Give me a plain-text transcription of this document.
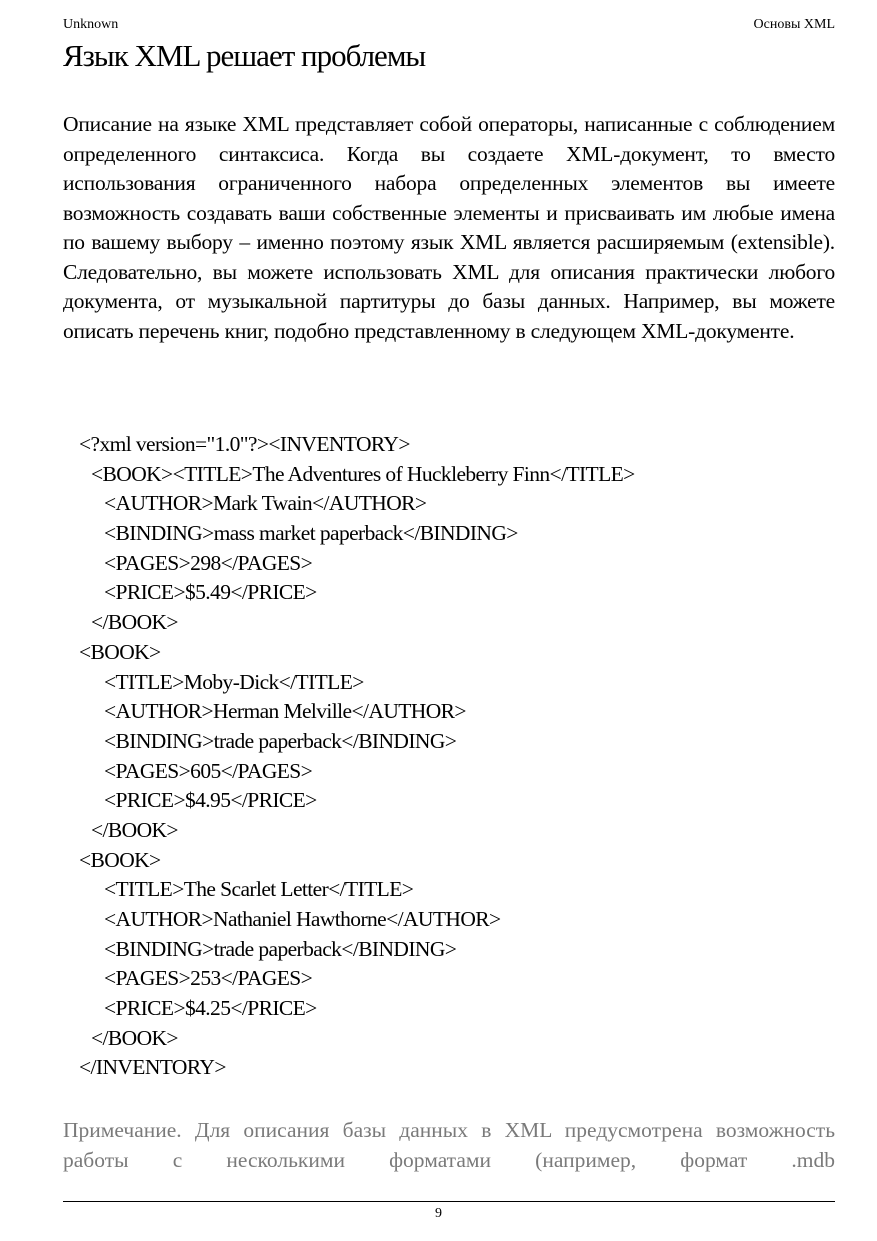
Unknown	Основы XML
Язык XML решает проблемы

Описание на языке XML представляет собой операторы, написанные с соблюдением определенного синтаксиса. Когда вы создаете XML-документ, то вместо использования ограниченного набора определенных элементов вы имеете возможность создавать ваши собственные элементы и присваивать им любые имена по вашему выбору – именно поэтому язык XML является расширяемым (extensible). Следовательно, вы можете использовать XML для описания практически любого документа, от музыкальной партитуры до базы данных. Например, вы можете описать перечень книг, подобно представленному в следующем XML-документе.

<?xml version="1.0"?><INVENTORY>
<BOOK><TITLE>The Adventures of Huckleberry Finn</TITLE>
<AUTHOR>Mark Twain</AUTHOR>
<BINDING>mass market paperback</BINDING>
<PAGES>298</PAGES>
<PRICE>$5.49</PRICE>
</BOOK>
<BOOK>
<TITLE>Moby-Dick</TITLE>
<AUTHOR>Herman Melville</AUTHOR>
<BINDING>trade paperback</BINDING>
<PAGES>605</PAGES>
<PRICE>$4.95</PRICE>
</BOOK>
<BOOK>
<TITLE>The Scarlet Letter</TITLE>
<AUTHOR>Nathaniel Hawthorne</AUTHOR>
<BINDING>trade paperback</BINDING>
<PAGES>253</PAGES>
<PRICE>$4.25</PRICE>
</BOOK>
</INVENTORY>

Примечание. Для описания базы данных в XML предусмотрена возможность работы с несколькими форматами (например, формат .mdb

9
